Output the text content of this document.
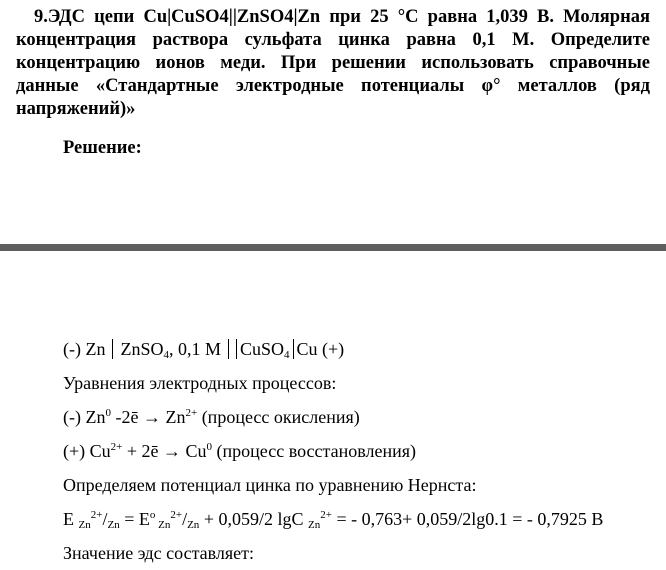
9.ЭДС цепи Cu|CuSO4||ZnSO4|Zn при 25 °С равна 1,039 В. Молярная
концентрация раствора сульфата цинка равна 0,1 М. Определите
концентрацию ионов меди. При решении использовать справочные
данные «Стандартные электродные потенциалы φ° металлов (ряд
напряжений)»
Решение:
(-) Zn ZnSO$_4$, 0,1 М CuSO$_4$ Cu (+)
Уравнения электродных процессов:
(-) Zn$^0$ -2ē → $Zn^{2+}$ (процесс окисления)
(+) $Cu^{2+}$ + 2ē → $Cu^0$ (процесс восстановления)
Определяем потенциал цинка по уравнению Нернста:
E $_{Zn}^{2+}/_{Zn} = E^o$ $_{Zn}^{2+}/_{Zn} + 0,059/2$ lgC $_{Zn}^{2+}$ = - 0,763+ 0,059/2lg0.1 = - 0,7925 В
Значение эдс составляет:
